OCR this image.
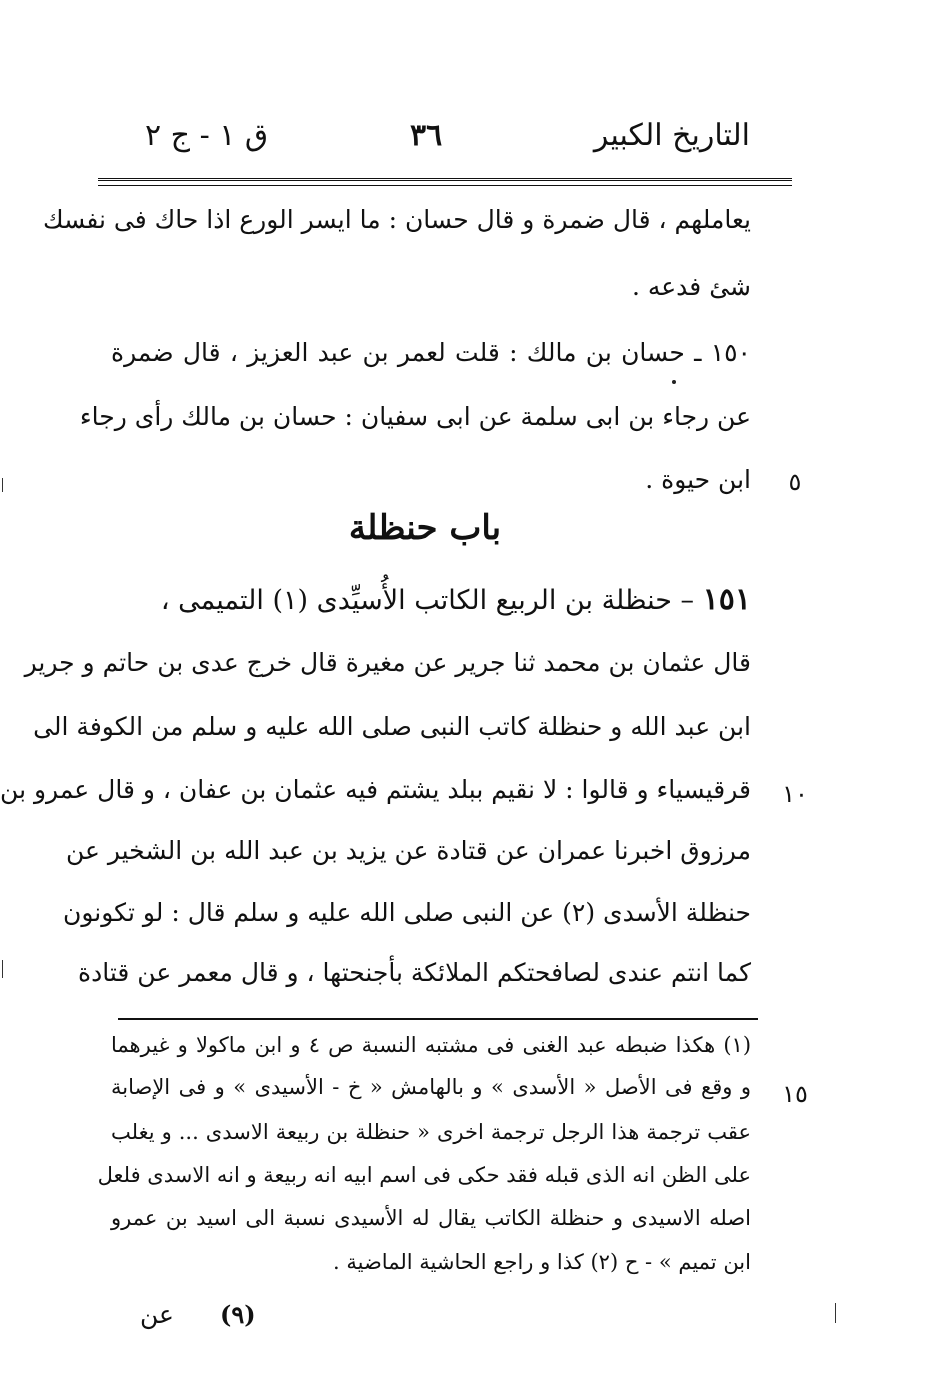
التاريخ الكبير
٣٦
ق ١ - ج ٢
يعاملهم ، قال ضمرة و قال حسان : ما ايسر الورع اذا حاك فى نفسك
شئ فدعه .
١٥٠ ـ حسان بن مالك : قلت لعمر بن عبد العزيز ، قال ضمرة
عن رجاء بن ابى سلمة عن ابى سفيان : حسان بن مالك رأى رجاء
ابن حيوة .	٥
باب حنظلة
١٥١ – حنظلة بن الربيع الكاتب الأُسيِّدى (١) التميمى ،
قال عثمان بن محمد ثنا جرير عن مغيرة قال خرج عدى بن حاتم و جرير
ابن عبد الله و حنظلة كاتب النبى صلى الله عليه و سلم من الكوفة الى
قرقيسياء و قالوا : لا نقيم ببلد يشتم فيه عثمان بن عفان ، و قال عمرو بن	١٠
مرزوق اخبرنا عمران عن قتادة عن يزيد بن عبد الله بن الشخير عن
حنظلة الأسدى (٢) عن النبى صلى الله عليه و سلم قال : لو تكونون
كما انتم عندى لصافحتكم الملائكة بأجنحتها ، و قال معمر عن قتادة
(١) هكذا ضبطه عبد الغنى فى مشتبه النسبة ص ٤ و ابن ماكولا و غيرهما
و وقع فى الأصل « الأسدى » و بالهامش « خ - الأسيدى » و فى الإصابة	١٥
عقب ترجمة هذا الرجل ترجمة اخرى « حنظلة بن ربيعة الاسدى ... و يغلب
على الظن انه الذى قبله فقد حكى فى اسم ابيه انه ربيعة و انه الاسدى فلعل
اصله الاسيدى و حنظلة الكاتب يقال له الأسيدى نسبة الى اسيد بن عمرو
ابن تميم » - ح (٢) كذا و راجع الحاشية الماضية .
(٩)
عن
